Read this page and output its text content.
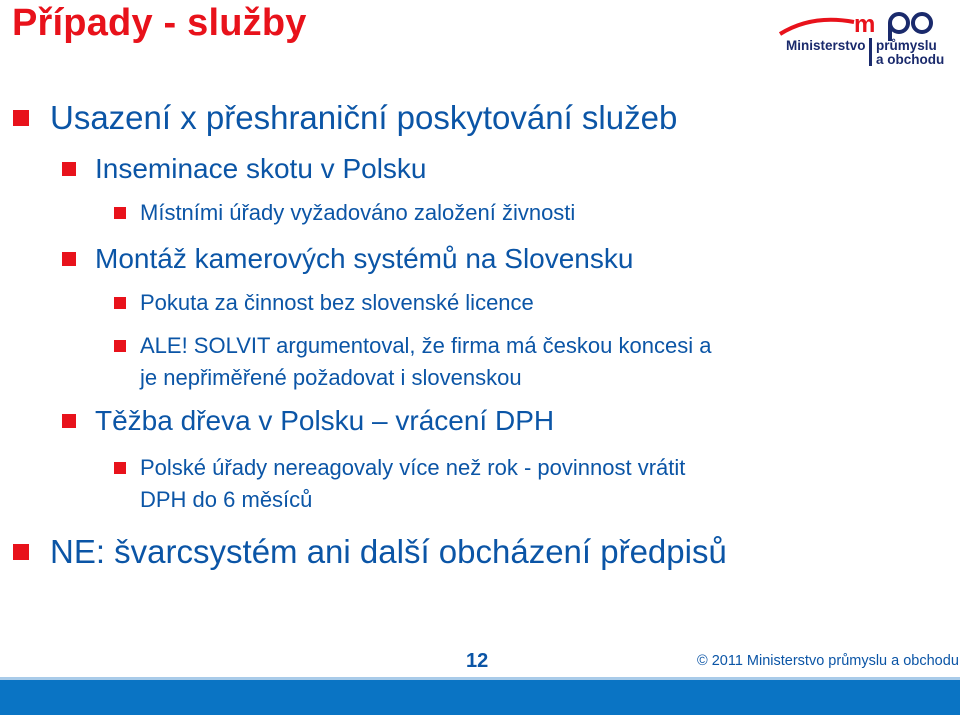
Případy - služby	m
Ministerstvo průmyslu
a obchodu
Usazení x přeshraniční poskytování služeb
Inseminace skotu v Polsku
Místními úřady vyžadováno založení živnosti
Montáž kamerových systémů na Slovensku
Pokuta za činnost bez slovenské licence
ALE! SOLVIT argumentoval, že firma má českou koncesi a
je nepřiměřené požadovat i slovenskou
Těžba dřeva v Polsku – vrácení DPH
Polské úřady nereagovaly více než rok - povinnost vrátit
DPH do 6 měsíců
NE: švarcsystém ani další obcházení předpisů
12	© 2011 Ministerstvo průmyslu a obchodu
